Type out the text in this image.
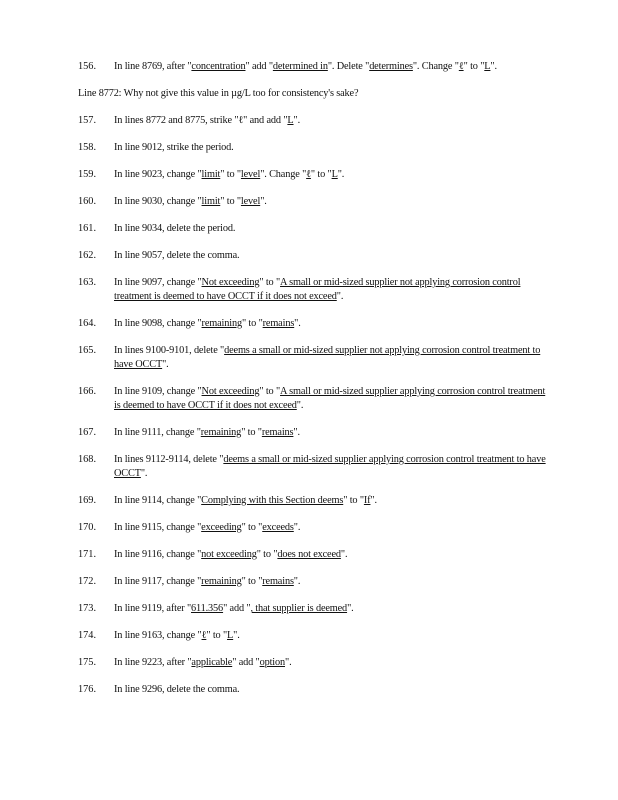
156.	In line 8769, after "concentration" add "determined in". Delete "determines". Change "ℓ" to "L".
Line 8772: Why not give this value in µg/L too for consistency's sake?
157.	In lines 8772 and 8775, strike "ℓ" and add "L".
158.	In line 9012, strike the period.
159.	In line 9023, change "limit" to "level". Change "ℓ" to "L".
160.	In line 9030, change "limit" to "level".
161.	In line 9034, delete the period.
162.	In line 9057, delete the comma.
163.	In line 9097, change "Not exceeding" to "A small or mid-sized supplier not applying corrosion control treatment is deemed to have OCCT if it does not exceed".
164.	In line 9098, change "remaining" to "remains".
165.	In lines 9100-9101, delete "deems a small or mid-sized supplier not applying corrosion control treatment to have OCCT".
166.	In line 9109, change "Not exceeding" to "A small or mid-sized supplier applying corrosion control treatment is deemed to have OCCT if it does not exceed".
167.	In line 9111, change "remaining" to "remains".
168.	In lines 9112-9114, delete "deems a small or mid-sized supplier applying corrosion control treatment to have OCCT".
169.	In line 9114, change "Complying with this Section deems" to "If".
170.	In line 9115, change "exceeding" to "exceeds".
171.	In line 9116, change "not exceeding" to "does not exceed".
172.	In line 9117, change "remaining" to "remains".
173.	In line 9119, after "611.356" add ", that supplier is deemed".
174.	In line 9163, change "ℓ" to "L".
175.	In line 9223, after "applicable" add "option".
176.	In line 9296, delete the comma.
